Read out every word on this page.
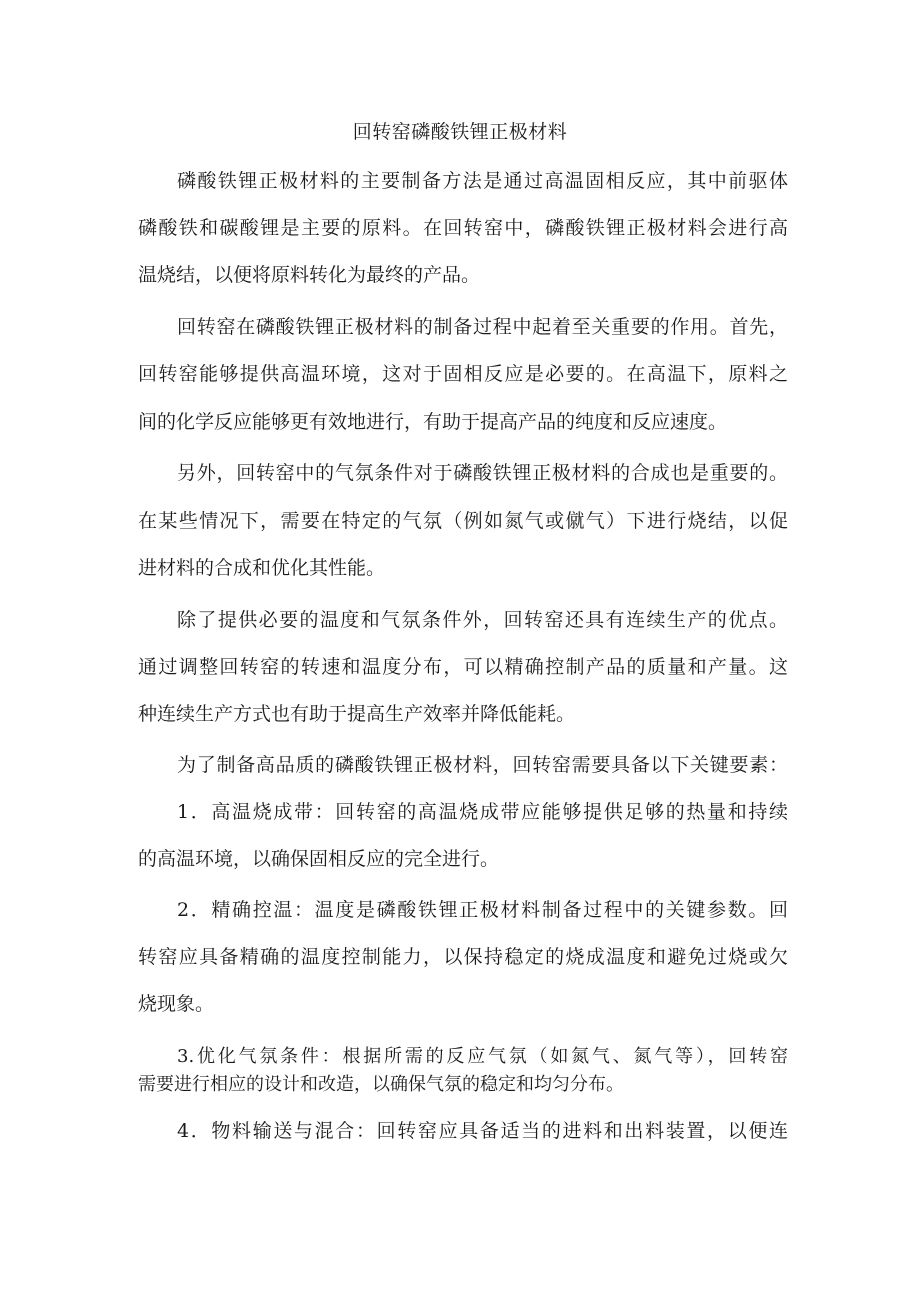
回转窑磷酸铁锂正极材料
磷酸铁锂正极材料的主要制备方法是通过高温固相反应，其中前驱体
磷酸铁和碳酸锂是主要的原料。在回转窑中，磷酸铁锂正极材料会进行高
温烧结，以便将原料转化为最终的产品。
回转窑在磷酸铁锂正极材料的制备过程中起着至关重要的作用。首先，
回转窑能够提供高温环境，这对于固相反应是必要的。在高温下，原料之
间的化学反应能够更有效地进行，有助于提高产品的纯度和反应速度。
另外，回转窑中的气氛条件对于磷酸铁锂正极材料的合成也是重要的。
在某些情况下，需要在特定的气氛（例如氮气或僦气）下进行烧结，以促
进材料的合成和优化其性能。
除了提供必要的温度和气氛条件外，回转窑还具有连续生产的优点。
通过调整回转窑的转速和温度分布，可以精确控制产品的质量和产量。这
种连续生产方式也有助于提高生产效率并降低能耗。
为了制备高品质的磷酸铁锂正极材料，回转窑需要具备以下关键要素：
1．高温烧成带：回转窑的高温烧成带应能够提供足够的热量和持续
的高温环境，以确保固相反应的完全进行。
2．精确控温：温度是磷酸铁锂正极材料制备过程中的关键参数。回
转窑应具备精确的温度控制能力，以保持稳定的烧成温度和避免过烧或欠
烧现象。
3.优化气氛条件：根据所需的反应气氛（如氮气、氮气等），回转窑
需要进行相应的设计和改造，以确保气氛的稳定和均匀分布。
4．物料输送与混合：回转窑应具备适当的进料和出料装置，以便连
